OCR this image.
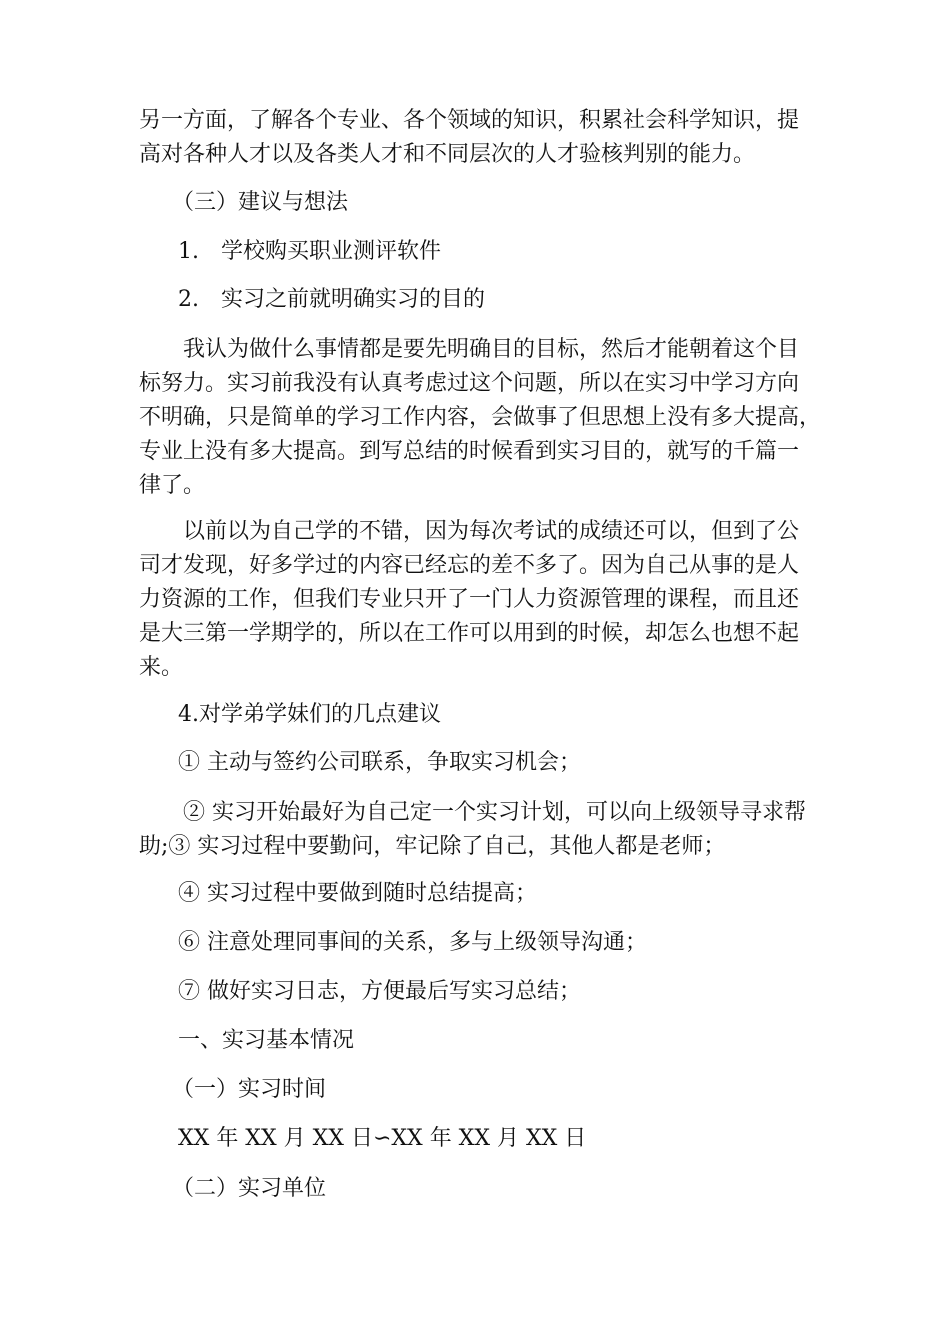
另一方面，了解各个专业、各个领域的知识，积累社会科学知识，提
高对各种人才以及各类人才和不同层次的人才验核判别的能力。

（三）建议与想法

1.　学校购买职业测评软件

2.　实习之前就明确实习的目的

　　我认为做什么事情都是要先明确目的目标，然后才能朝着这个目
标努力。实习前我没有认真考虑过这个问题，所以在实习中学习方向
不明确，只是简单的学习工作内容，会做事了但思想上没有多大提高，
专业上没有多大提高。到写总结的时候看到实习目的，就写的千篇一
律了。

　　以前以为自己学的不错，因为每次考试的成绩还可以，但到了公
司才发现，好多学过的内容已经忘的差不多了。因为自己从事的是人
力资源的工作，但我们专业只开了一门人力资源管理的课程，而且还
是大三第一学期学的，所以在工作可以用到的时候，却怎么也想不起
来。

4.对学弟学妹们的几点建议

① 主动与签约公司联系，争取实习机会；

　　② 实习开始最好为自己定一个实习计划，可以向上级领导寻求帮
助;③ 实习过程中要勤问，牢记除了自己，其他人都是老师；

④ 实习过程中要做到随时总结提高；

⑥ 注意处理同事间的关系，多与上级领导沟通；

⑦ 做好实习日志，方便最后写实习总结；

一、实习基本情况

（一）实习时间

XX 年 XX 月 XX 日∽XX 年 XX 月 XX 日

（二）实习单位
